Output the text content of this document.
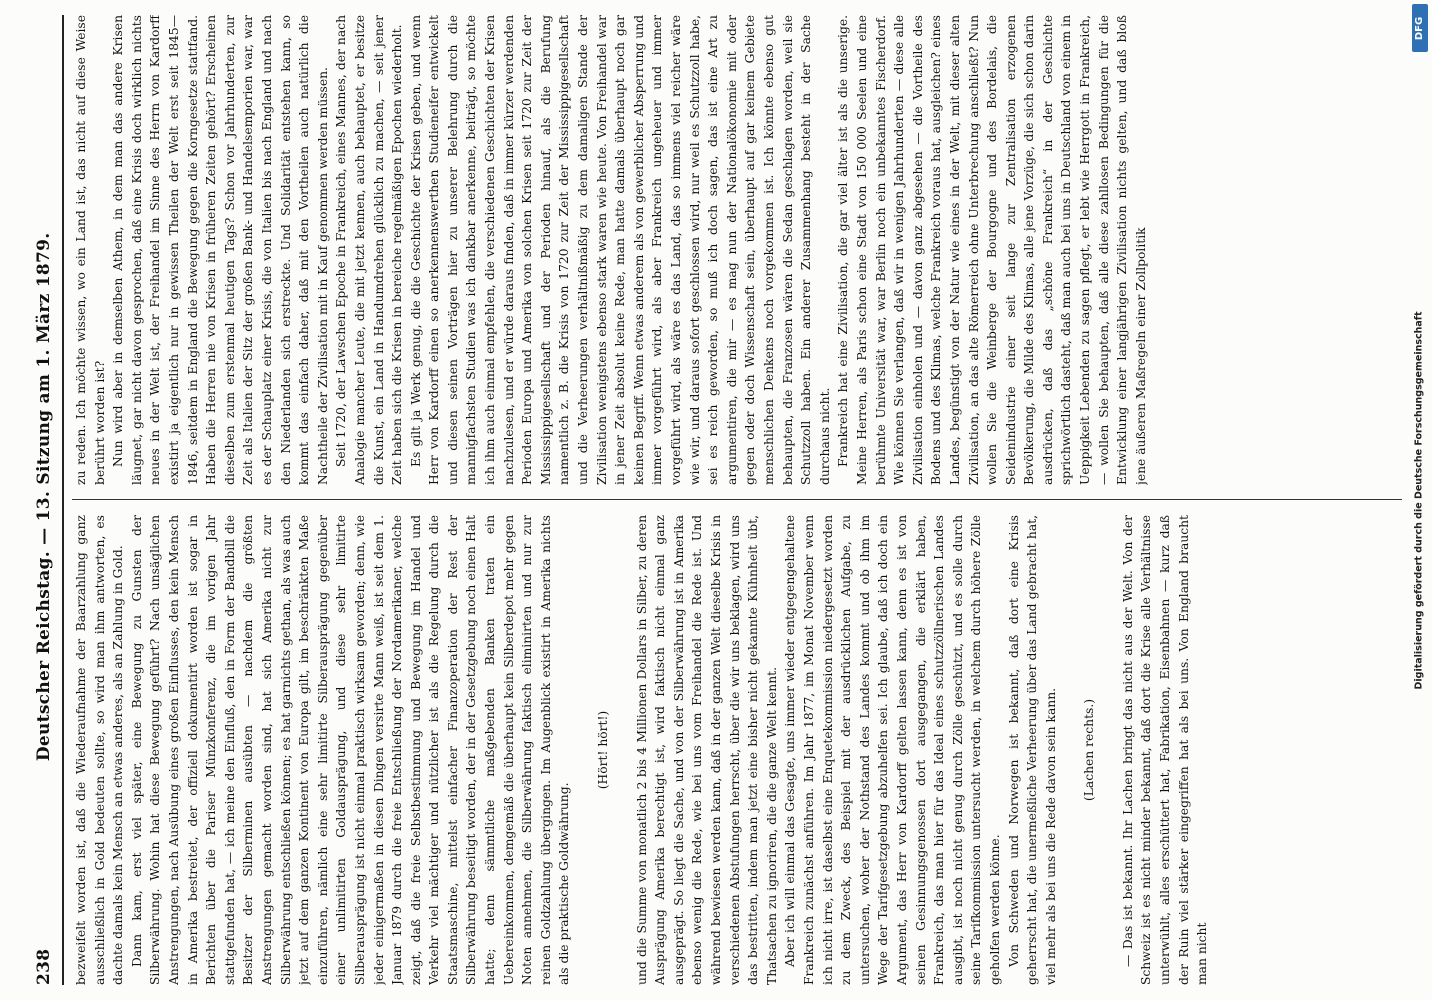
238
Deutscher Reichstag. — 13. Sitzung am 1. März 1879. bezweifelt worden ist, daß die Wiederaufnahme der Baarzahlung ganz ausschließlich in Gold bedeuten sollte, so wird man ihm antworten, es dachte damals kein Mensch an etwas anderes, als an Zahlung in Gold. Dann kam, erst viel später, eine Bewegung zu Gunsten der Silberwährung. Wohin hat diese Bewegung geführt? Nach unsäglichen Anstrengungen, nach Ausübung eines großen Einflusses, den kein Mensch in Amerika bestreitet, der offiziell dokumentirt worden ist sogar in Berichten über die Pariser Münzkonferenz, die im vorigen Jahr stattgefunden hat, — ich meine den Einfluß, den in Form der Bandbill die Besitzer der Silberminen ausübten — nachdem die größten Anstrengungen gemacht worden sind, hat sich Amerika nicht zur Silberwährung entschließen können; es hat garnichts gethan, als was auch jetzt auf dem ganzen Kontinent von Europa gilt, im beschränkten Maße einzuführen, nämlich eine sehr limitirte Silberausprägung gegenüber einer unlimitirten Goldausprägung, und diese sehr limitirte Silberausprägung ist nicht einmal praktisch wirksam geworden; denn, wie jeder einigermaßen in diesen Dingen versirte Mann weiß, ist seit dem 1. Januar 1879 durch die freie Entschließung der Nordamerikaner, welche zeigt, daß die freie Selbstbestimmung und Bewegung im Handel und Verkehr viel mächtiger und nützlicher ist als die Regelung durch die Staatsmaschine, mittelst einfacher Finanzoperation der Rest der Silberwährung beseitigt worden, der in der Gesetzgebung noch einen Halt hatte; denn sämmtliche maßgebenden Banken traten ein Uebereinkommen, demgemäß die überhaupt kein Silberdepot mehr gegen Noten annehmen, die Silberwährung faktisch eliminirten und nur zur reinen Goldzahlung übergingen. Im Augenblick existirt in Amerika nichts als die praktische Goldwährung.

(Hört! hört!) und die Summe von monatlich 2 bis 4 Millionen Dollars in Silber, zu deren Ausprägung Amerika berechtigt ist, wird faktisch nicht einmal ganz ausgeprägt. So liegt die Sache, und von der Silberwährung ist in Amerika ebenso wenig die Rede, wie bei uns vom Freihandel die Rede ist. Und während bewiesen werden kann, daß in der ganzen Welt dieselbe Krisis in verschiedenen Abstufungen herrscht, über die wir uns beklagen, wird uns das bestritten, indem man jetzt eine bisher nicht gekannte Kühnheit übt, Thatsachen zu ignoriren, die die ganze Welt kennt. Aber ich will einmal das Gesagte, uns immer wieder entgegengehaltene Frankreich zunächst anführen. Im Jahr 1877, im Monat November wenn ich nicht irre, ist daselbst eine Enquetekommission niedergesetzt worden zu dem Zweck, des Beispiel mit der ausdrücklichen Aufgabe, zu untersuchen, woher der Nothstand des Landes kommt und ob ihm im Wege der Tarifgesetzgebung abzuhelfen sei. Ich glaube, daß ich doch ein Argument, das Herr von Kardorff gelten lassen kann, denn es ist von seinen Gesinnungsgenossen dort ausgegangen, die erklärt haben, Frankreich, das man hier für das Ideal eines schutzzöllnerischen Landes ausgibt, ist noch nicht genug durch Zölle geschützt, und es solle durch seine Tarifkommission untersucht werden, in welchem durch höhere Zölle geholfen werden könne. Von Schweden und Norwegen ist bekannt, daß dort eine Krisis geherrscht hat, die unermeßliche Verheerung über das Land gebracht hat, viel mehr als bei uns die Rede davon sein kann. (Lachen rechts.) — Das ist bekannt. Ihr Lachen bringt das nicht aus der Welt. Von der Schweiz ist es nicht minder bekannt, daß dort die Krise alle Verhältnisse unterwühlt, alles erschüttert hat, Fabrikation, Eisenbahnen — kurz daß der Ruin viel stärker eingegriffen hat als bei uns. Von England braucht man nicht

zu reden. Ich möchte wissen, wo ein Land ist, das nicht auf diese Weise berührt worden ist? Nun wird aber in demselben Athem, in dem man das andere Krisen läugnet, gar nicht davon gesprochen, daß eine Krisis doch wirklich nichts neues in der Welt ist, der Freihandel im Sinne des Herrn von Kardorff existirt ja eigentlich nur in gewissen Theilen der Welt erst seit 1845—1846, seitdem in England die Bewegung gegen die Korngesetze stattfand. Haben die Herren nie von Krisen in früheren Zeiten gehört? Erscheinen dieselben zum erstenmal heutigen Tags? Schon vor Jahrhunderten, zur Zeit als Italien der Sitz der großen Bank- und Handelsemporien war, war es der Schauplatz einer Krisis, die von Italien bis nach England und nach den Niederlanden sich erstreckte. Und Solidarität entstehen kann, so kommt das einfach daher, daß mit den Vortheilen auch natürlich die Nachtheile der Zivilisation mit in Kauf genommen werden müssen. Seit 1720, der Lawschen Epoche in Frankreich, eines Mannes, der nach Analogie mancher Leute, die mit jetzt kennen, auch behauptet, er besitze die Kunst, ein Land in Handumdrehen glücklich zu machen, — seit jener Zeit haben sich die Krisen in bereiche regelmäßigen Epochen wiederholt. Es gilt ja Werk genug, die die Geschichte der Krisen geben, und wenn Herr von Kardorff einen so anerkennenswerthen Studieneifer entwickelt und diesen seinen Vorträgen hier zu unserer Belehrung durch die mannigfachsten Studien was ich dankbar anerkenne, beiträgt, so möchte ich ihm auch einmal empfehlen, die verschiedenen Geschichten der Krisen nachzulesen, und er würde daraus finden, daß in immer kürzer werdenden Perioden Europa und Amerika von solchen Krisen seit 1720 zur Zeit der Mississippigesellschaft und der Perioden hinauf, als die Berufung namentlich z. B. die Krisis von 1720 zur Zeit der Mississippigesellschaft und die Verheerungen verhältnißmäßig zu dem damaligen Stande der Zivilisation wenigstens ebenso stark waren wie heute. Von Freihandel war in jener Zeit absolut keine Rede, man hatte damals überhaupt noch gar keinen Begriff. Wenn etwas anderem als von gewerblicher Absperrung und immer vorgeführt wird, als aber Frankreich ungeheuer und immer vorgeführt wird, als wäre es das Land, das so immens viel reicher wäre wie wir, und daraus sofort geschlossen wird, nur weil es Schutzzoll habe, sei es reich geworden, so muß ich doch sagen, das ist eine Art zu argumentiren, die mir — es mag nun der Nationalökonomie mit oder gegen oder doch Wissenschaft sein, überhaupt auf gar keinem Gebiete menschlichen Denkens noch vorgekommen ist. Ich könnte ebenso gut behaupten, die Franzosen wären die Sedan geschlagen worden, weil sie Schutzzoll haben. Ein anderer Zusammenhang besteht in der Sache durchaus nicht. Frankreich hat eine Zivilisation, die gar viel älter ist als die unserige. Meine Herren, als Paris schon eine Stadt von 150 000 Seelen und eine berühmte Universität war, war Berlin noch ein unbekanntes Fischerdorf. Wie können Sie verlangen, daß wir in wenigen Jahrhunderten — diese alle Zivilisation einholen und — davon ganz abgesehen — die Vortheile des Bodens und des Klimas, welche Frankreich voraus hat, ausgleichen? eines Landes, begünstigt von der Natur wie eines in der Welt, mit dieser alten Zivilisation, an das alte Römerreich ohne Unterbrechung anschließt? Nun wollen Sie die Weinberge der Bourgogne und des Bordelais, die Seidenindustrie einer seit lange zur Zentralisation erzogenen Bevölkerung, die Milde des Klimas, alle jene Vorzüge, die sich schon darin ausdrücken, daß das „schöne Frankreich“ in der Geschichte sprichwörtlich dasteht, daß man auch bei uns in Deutschland von einem in Ueppigkeit Lebenden zu sagen pflegt, er lebt wie Herrgott in Frankreich, — wollen Sie behaupten, daß alle diese zahllosen Bedingungen für die Entwicklung einer langjährigen Zivilisation nichts gelten, und daß bloß jene äußeren Maßregeln einer Zollpolitik

DFG
Digitalisierung gefördert durch die Deutsche Forschungsgemeinschaft
